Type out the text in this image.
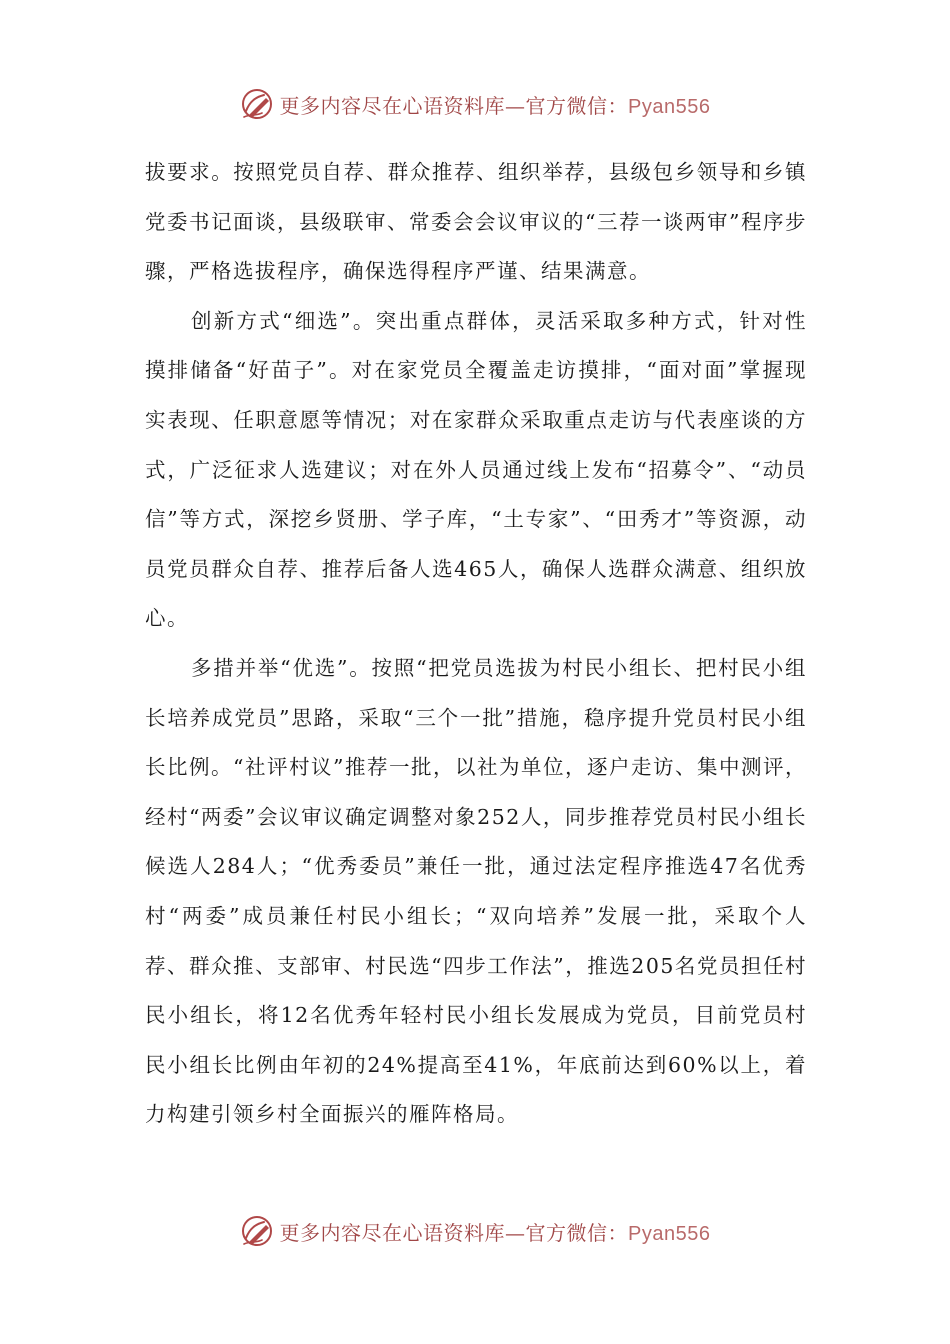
更多内容尽在心语资料库—官方微信：Pyan556

拔要求。按照党员自荐、群众推荐、组织举荐，县级包乡领导和乡镇党委书记面谈，县级联审、常委会会议审议的“三荐一谈两审”程序步骤，严格选拔程序，确保选得程序严谨、结果满意。

创新方式“细选”。突出重点群体，灵活采取多种方式，针对性摸排储备“好苗子”。对在家党员全覆盖走访摸排，“面对面”掌握现实表现、任职意愿等情况；对在家群众采取重点走访与代表座谈的方式，广泛征求人选建议；对在外人员通过线上发布“招募令”、“动员信”等方式，深挖乡贤册、学子库，“土专家”、“田秀才”等资源，动员党员群众自荐、推荐后备人选465人，确保人选群众满意、组织放心。

多措并举“优选”。按照“把党员选拔为村民小组长、把村民小组长培养成党员”思路，采取“三个一批”措施，稳序提升党员村民小组长比例。“社评村议”推荐一批，以社为单位，逐户走访、集中测评，经村“两委”会议审议确定调整对象252人，同步推荐党员村民小组长候选人284人；“优秀委员”兼任一批，通过法定程序推选47名优秀村“两委”成员兼任村民小组长；“双向培养”发展一批，采取个人荐、群众推、支部审、村民选“四步工作法”，推选205名党员担任村民小组长，将12名优秀年轻村民小组长发展成为党员，目前党员村民小组长比例由年初的24%提高至41%，年底前达到60%以上，着力构建引领乡村全面振兴的雁阵格局。

更多内容尽在心语资料库—官方微信：Pyan556
